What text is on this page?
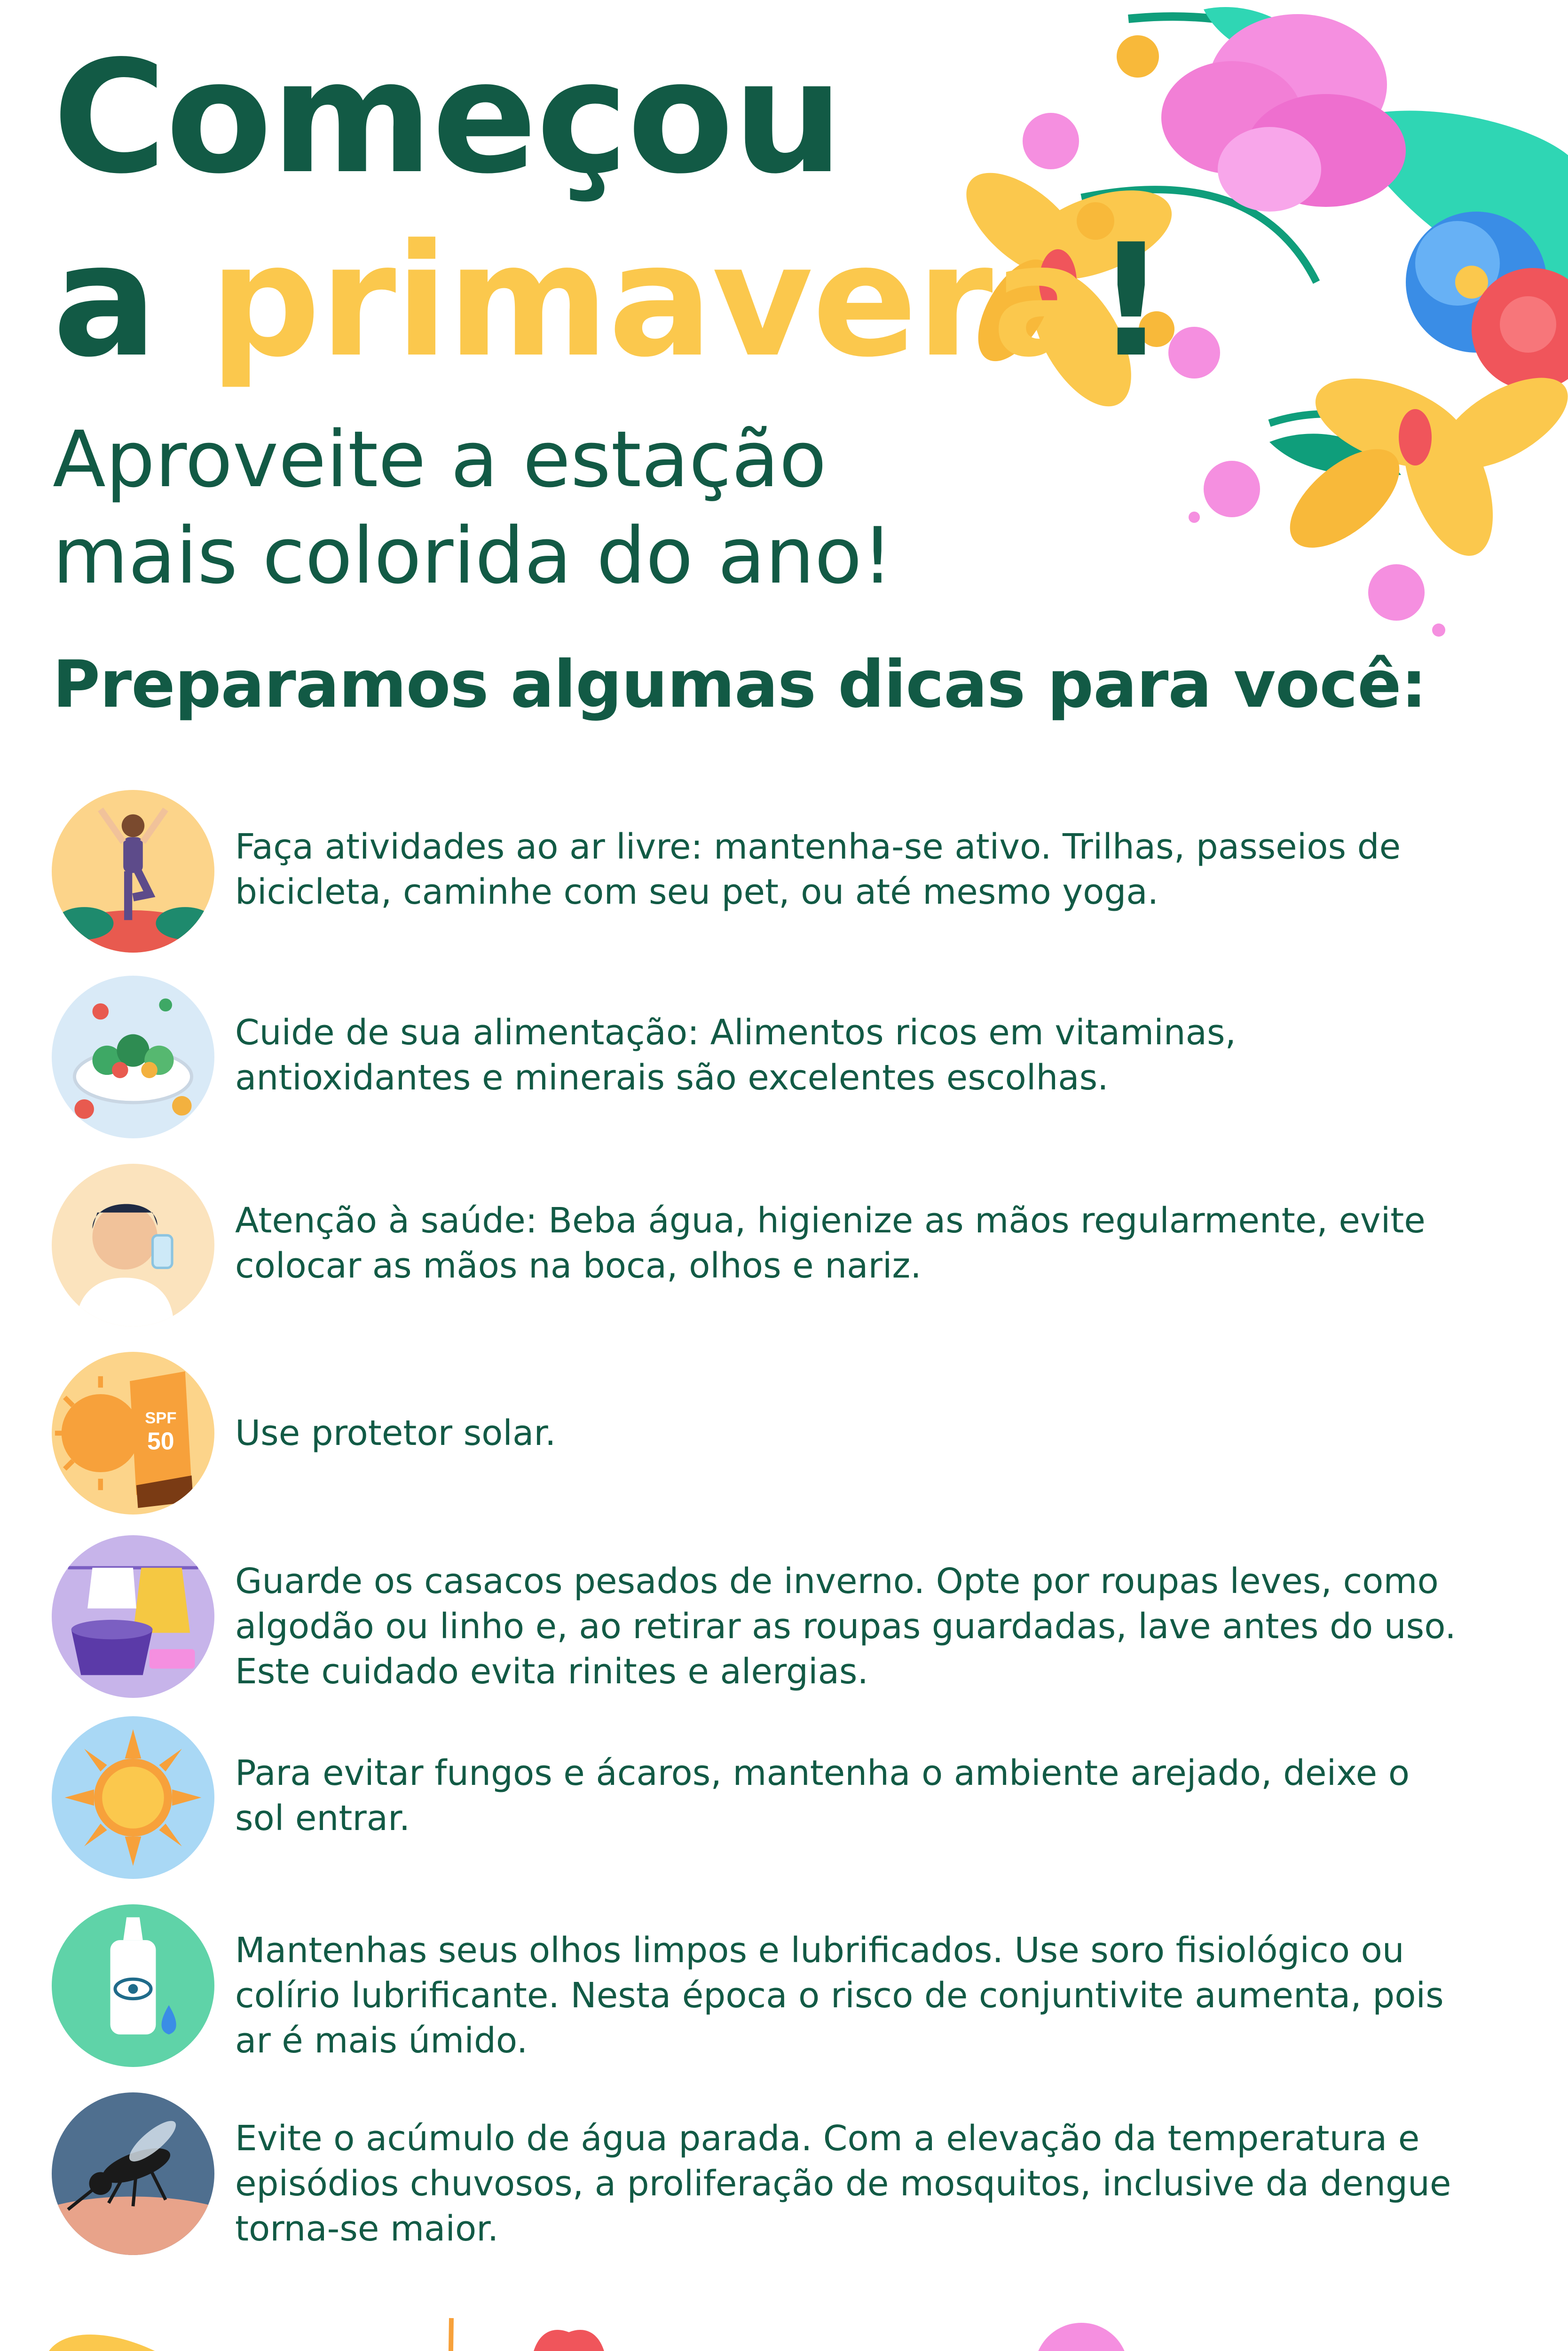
Começou
a primavera!
Aproveite a estação
mais colorida do ano!
Preparamos algumas dicas para você:
Faça atividades ao ar livre: mantenha-se ativo. Trilhas, passeios de
bicicleta, caminhe com seu pet, ou até mesmo yoga.
Cuide de sua alimentação: Alimentos ricos em vitaminas,
antioxidantes e minerais são excelentes escolhas.
Atenção à saúde: Beba água, higienize as mãos regularmente, evite
colocar as mãos na boca, olhos e nariz.
SPF
50 Use protetor solar.
Guarde os casacos pesados de inverno. Opte por roupas leves, como
algodão ou linho e, ao retirar as roupas guardadas, lave antes do uso.
Este cuidado evita rinites e alergias.
Para evitar fungos e ácaros, mantenha o ambiente arejado, deixe o
sol entrar.
Mantenhas seus olhos limpos e lubrificados. Use soro fisiológico ou
colírio lubrificante. Nesta época o risco de conjuntivite aumenta, pois
ar é mais úmido.
Evite o acúmulo de água parada. Com a elevação da temperatura e
episódios chuvosos, a proliferação de mosquitos, inclusive da dengue
torna-se maior.
